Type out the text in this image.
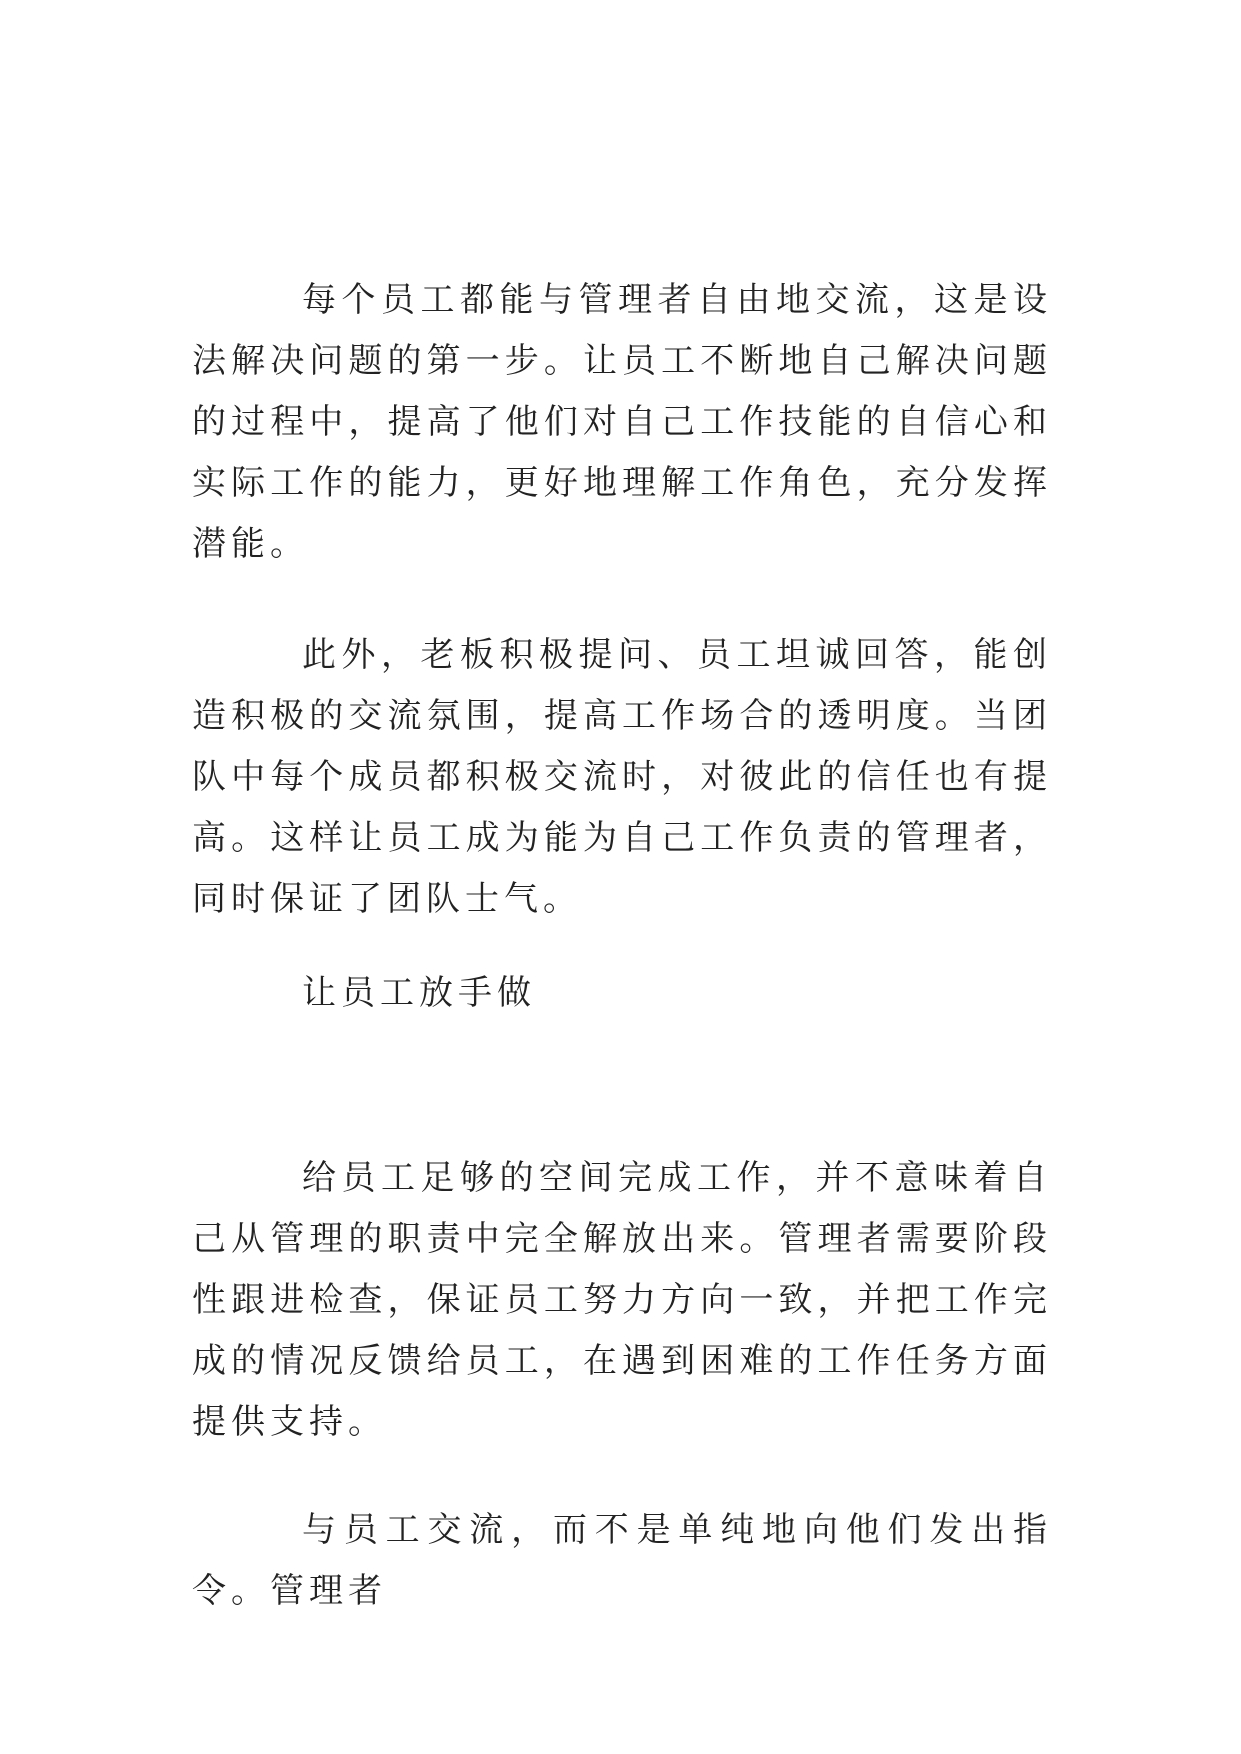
每个员工都能与管理者自由地交流，这是设法解决问题的第一步。让员工不断地自己解决问题的过程中，提高了他们对自己工作技能的自信心和实际工作的能力，更好地理解工作角色，充分发挥潜能。

此外，老板积极提问、员工坦诚回答，能创造积极的交流氛围，提高工作场合的透明度。当团队中每个成员都积极交流时，对彼此的信任也有提高。这样让员工成为能为自己工作负责的管理者，同时保证了团队士气。

让员工放手做

给员工足够的空间完成工作，并不意味着自己从管理的职责中完全解放出来。管理者需要阶段性跟进检查，保证员工努力方向一致，并把工作完成的情况反馈给员工，在遇到困难的工作任务方面提供支持。

与员工交流，而不是单纯地向他们发出指令。管理者
